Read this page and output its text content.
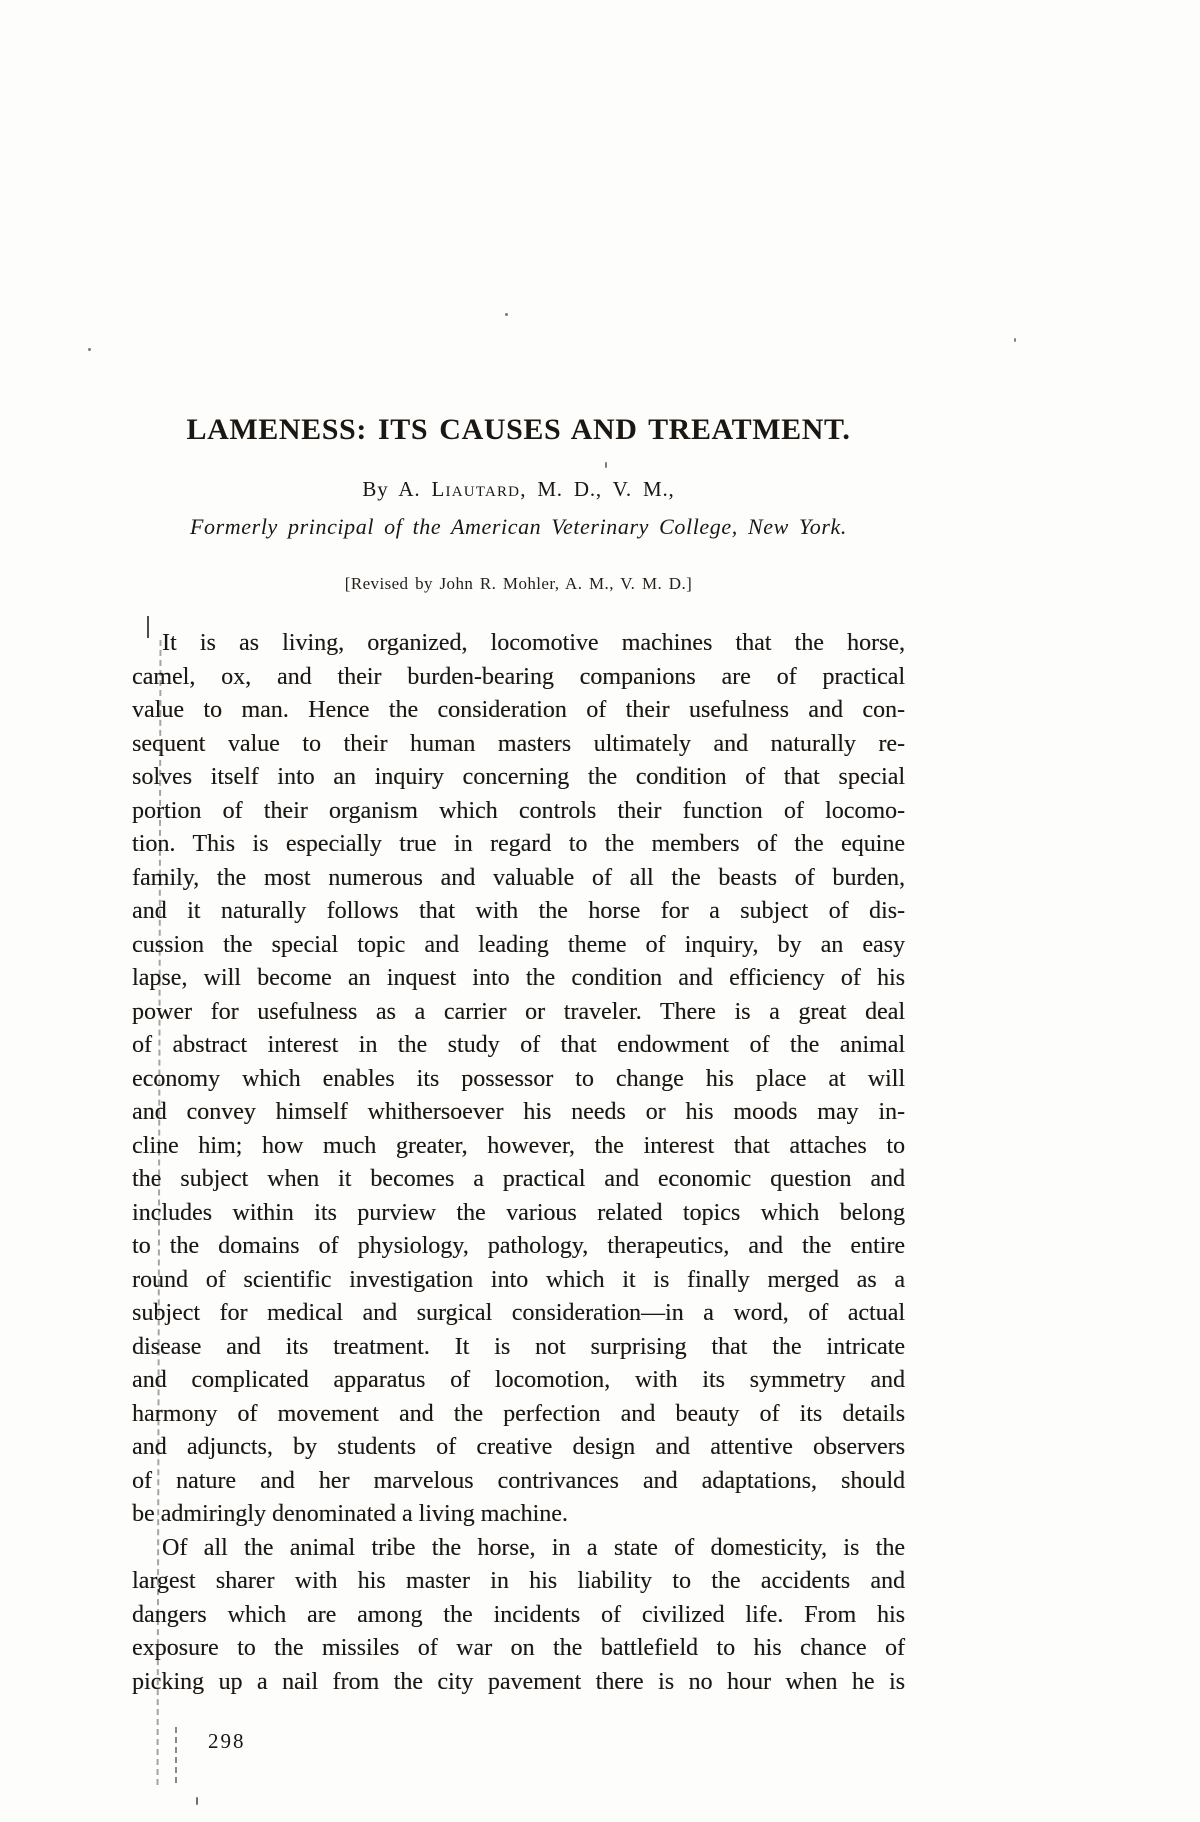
LAMENESS: ITS CAUSES AND TREATMENT.
By A. Liautard, M. D., V. M.,
Formerly principal of the American Veterinary College, New York.
[Revised by John R. Mohler, A. M., V. M. D.]
It is as living, organized, locomotive machines that the horse,
camel, ox, and their burden-bearing companions are of practical
value to man. Hence the consideration of their usefulness and con-
sequent value to their human masters ultimately and naturally re-
solves itself into an inquiry concerning the condition of that special
portion of their organism which controls their function of locomo-
tion. This is especially true in regard to the members of the equine
family, the most numerous and valuable of all the beasts of burden,
and it naturally follows that with the horse for a subject of dis-
cussion the special topic and leading theme of inquiry, by an easy
lapse, will become an inquest into the condition and efficiency of his
power for usefulness as a carrier or traveler. There is a great deal
of abstract interest in the study of that endowment of the animal
economy which enables its possessor to change his place at will
and convey himself whithersoever his needs or his moods may in-
cline him; how much greater, however, the interest that attaches to
the subject when it becomes a practical and economic question and
includes within its purview the various related topics which belong
to the domains of physiology, pathology, therapeutics, and the entire
round of scientific investigation into which it is finally merged as a
subject for medical and surgical consideration—in a word, of actual
disease and its treatment. It is not surprising that the intricate
and complicated apparatus of locomotion, with its symmetry and
harmony of movement and the perfection and beauty of its details
and adjuncts, by students of creative design and attentive observers
of nature and her marvelous contrivances and adaptations, should
be admiringly denominated a living machine.
Of all the animal tribe the horse, in a state of domesticity, is the
largest sharer with his master in his liability to the accidents and
dangers which are among the incidents of civilized life. From his
exposure to the missiles of war on the battlefield to his chance of
picking up a nail from the city pavement there is no hour when he is
298
